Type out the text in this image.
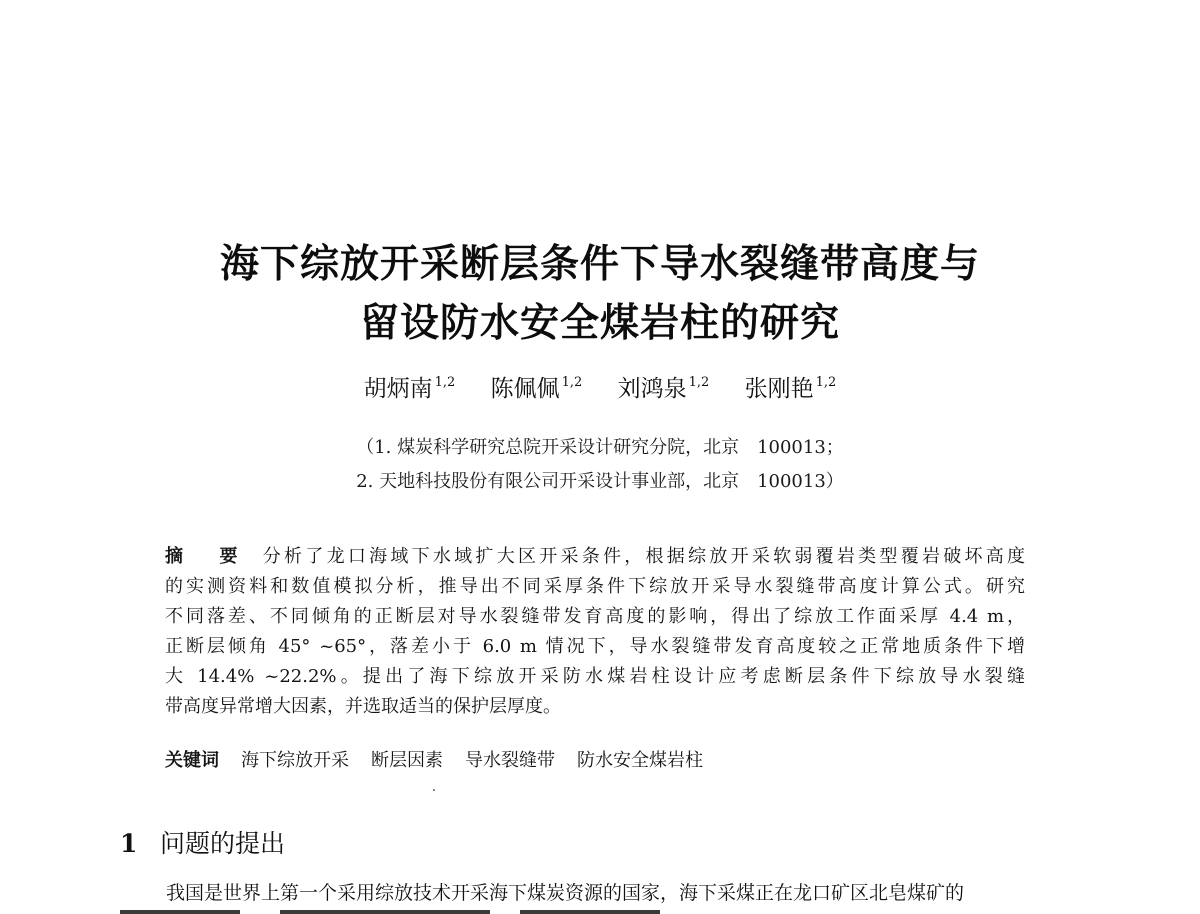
海下综放开采断层条件下导水裂缝带高度与
留设防水安全煤岩柱的研究
胡炳南 $^{1,2}$ 陈佩佩 $^{1,2}$ 刘鸿泉 $^{1,2}$ 张刚艳 $^{1,2}$
（1. 煤炭科学研究总院开采设计研究分院，北京　100013；
2. 天地科技股份有限公司开采设计事业部，北京　100013）
摘　要 分析了龙口海域下水域扩大区开采条件，根据综放开采软弱覆岩类型覆岩破坏高度
的实测资料和数值模拟分析，推导出不同采厚条件下综放开采导水裂缝带高度计算公式。研究
不同落差、不同倾角的正断层对导水裂缝带发育高度的影响，得出了综放工作面采厚 4.4 m，
正断层倾角 45° ~65°，落差小于 6.0 m 情况下，导水裂缝带发育高度较之正常地质条件下增
大 14.4% ~22.2%。提出了海下综放开采防水煤岩柱设计应考虑断层条件下综放导水裂缝
带高度异常增大因素，并选取适当的保护层厚度。
关键词 海下综放开采 断层因素 导水裂缝带 防水安全煤岩柱
1 问题的提出
我国是世界上第一个采用综放技术开采海下煤炭资源的国家，海下采煤正在龙口矿区北皂煤矿的
